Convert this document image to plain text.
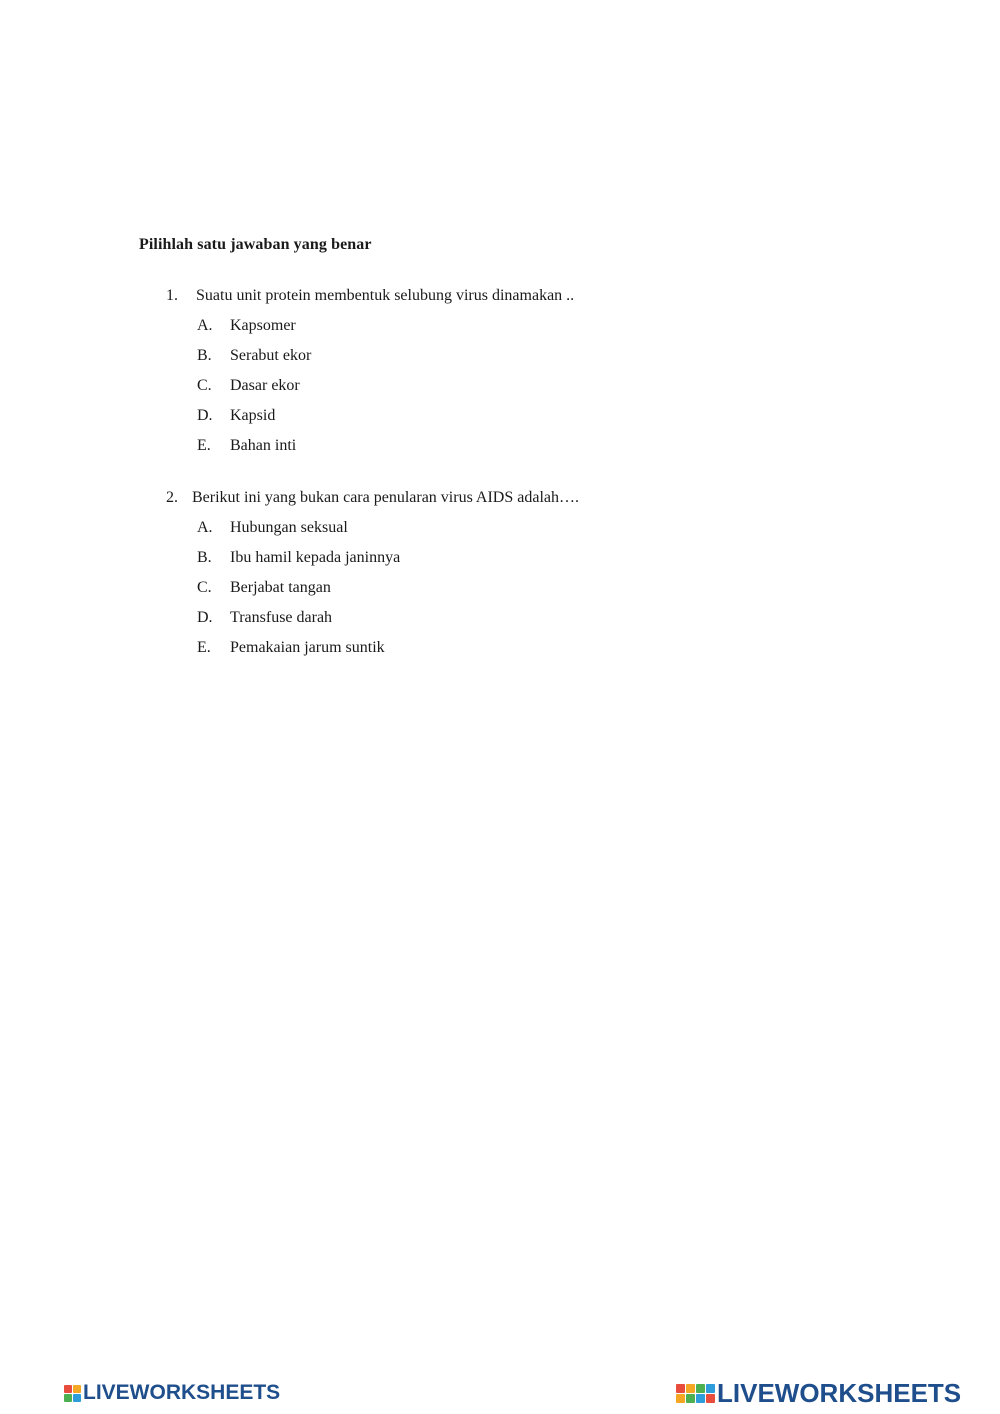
Pilihlah satu jawaban yang benar
1. Suatu unit protein membentuk selubung virus dinamakan ..
A. Kapsomer
B. Serabut ekor
C. Dasar ekor
D. Kapsid
E. Bahan inti
2. Berikut ini yang bukan cara penularan virus AIDS adalah….
A. Hubungan seksual
B. Ibu hamil kepada janinnya
C. Berjabat tangan
D. Transfuse darah
E. Pemakaian jarum suntik
LIVEWORKSHEETS	LIVEWORKSHEETS
